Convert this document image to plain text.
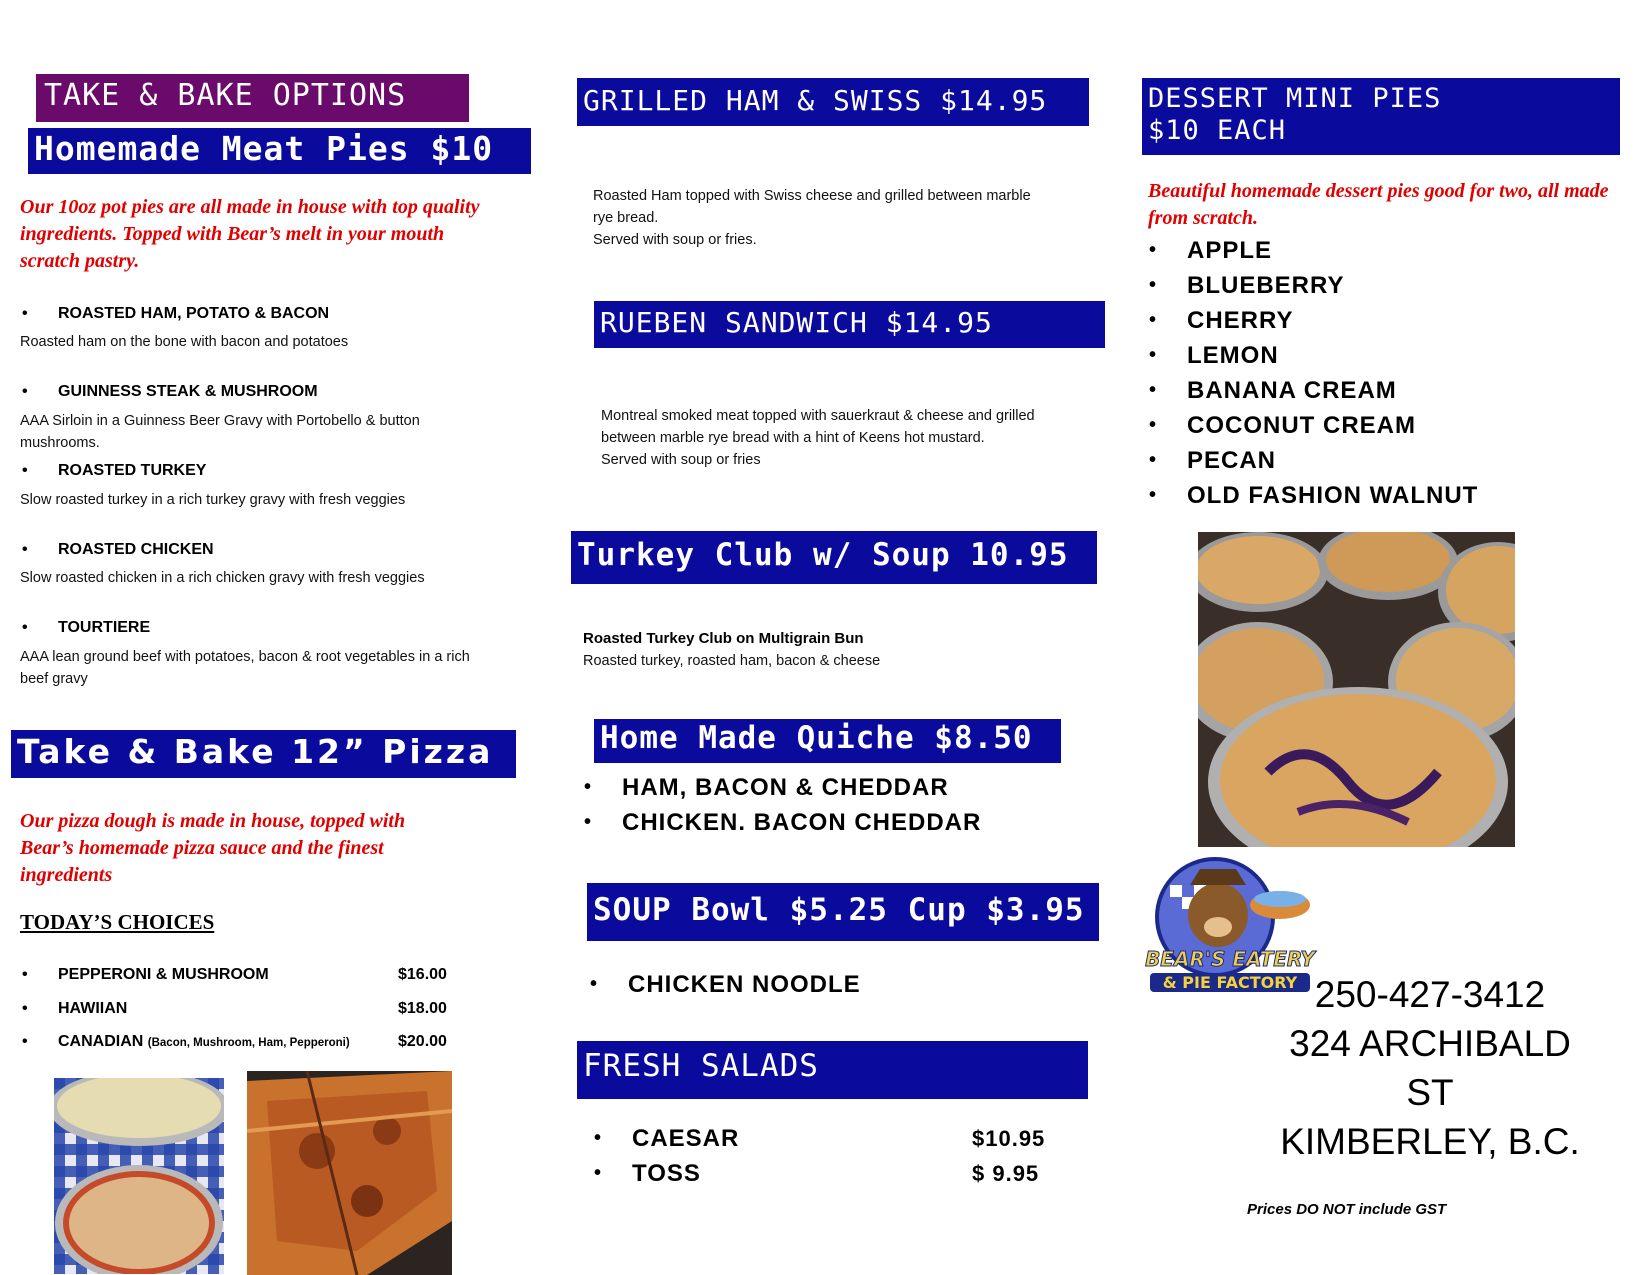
TAKE & BAKE OPTIONS
Homemade Meat Pies $10
Our 10oz pot pies are all made in house with top quality ingredients. Topped with Bear’s melt in your mouth scratch pastry.
• ROASTED HAM, POTATO & BACON
Roasted ham on the bone with bacon and potatoes
• GUINNESS STEAK & MUSHROOM
AAA Sirloin in a Guinness Beer Gravy with Portobello & button mushrooms.
• ROASTED TURKEY
Slow roasted turkey in a rich turkey gravy with fresh veggies
• ROASTED CHICKEN
Slow roasted chicken in a rich chicken gravy with fresh veggies
• TOURTIERE
AAA lean ground beef with potatoes, bacon & root vegetables in a rich beef gravy
Take & Bake 12” Pizza
Our pizza dough is made in house, topped with Bear’s homemade pizza sauce and the finest ingredients
TODAY’S CHOICES
• PEPPERONI & MUSHROOM	$16.00
• HAWIIAN	$18.00
• CANADIAN (Bacon, Mushroom, Ham, Pepperoni)	$20.00
GRILLED HAM & SWISS $14.95
Roasted Ham topped with Swiss cheese and grilled between marble
rye bread.
Served with soup or fries.
RUEBEN SANDWICH $14.95
Montreal smoked meat topped with sauerkraut & cheese and grilled
between marble rye bread with a hint of Keens hot mustard.
Served with soup or fries
Turkey Club w/ Soup 10.95
Roasted Turkey Club on Multigrain Bun
Roasted turkey, roasted ham, bacon & cheese
Home Made Quiche $8.50
• HAM, BACON & CHEDDAR
• CHICKEN. BACON CHEDDAR
SOUP Bowl $5.25 Cup $3.95
• CHICKEN NOODLE
FRESH SALADS
• CAESAR	$10.95
• TOSS	$ 9.95
DESSERT MINI PIES
$10 EACH
Beautiful homemade dessert pies good for two, all made from scratch.
• APPLE
• BLUEBERRY
• CHERRY
• LEMON
• BANANA CREAM
• COCONUT CREAM
• PECAN
• OLD FASHION WALNUT
BEAR'S EATERY
& PIE FACTORY 250-427-3412
324 ARCHIBALD
ST
KIMBERLEY, B.C.
Prices DO NOT include GST
